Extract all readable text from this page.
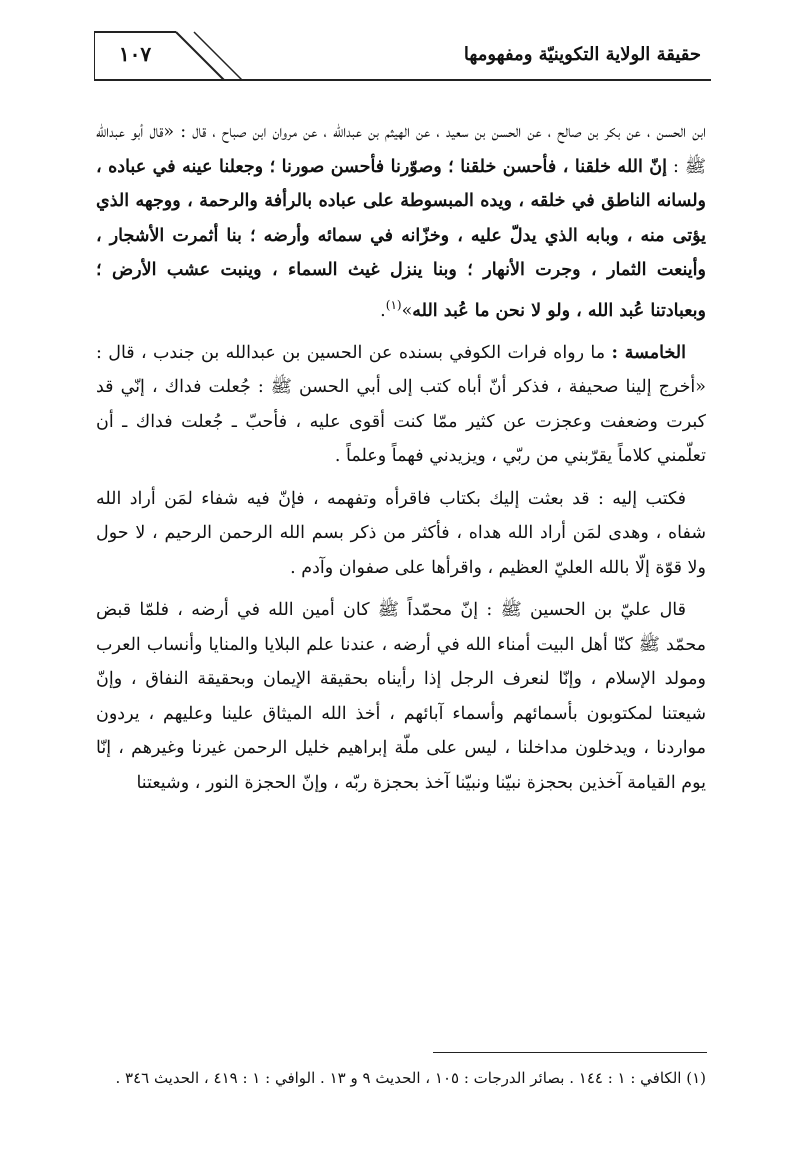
١٠٧	حقيقة الولاية التكوينيّة ومفهومها

ابن الحسن ، عن بكر بن صالح ، عن الحسن بن سعيد ، عن الهيثم بن عبدالله ، عن مروان ابن صباح ، قال : «قال أبو عبدالله ﷺ : إنّ الله خلقنا ، فأحسن خلقنا ؛ وصوّرنا فأحسن صورنا ؛ وجعلنا عينه في عباده ، ولسانه الناطق في خلقه ، ويده المبسوطة على عباده بالرأفة والرحمة ، ووجهه الذي يؤتى منه ، وبابه الذي يدلّ عليه ، وخزّانه في سمائه وأرضه ؛ بنا أثمرت الأشجار ، وأينعت الثمار ، وجرت الأنهار ؛ وبنا ينزل غيث السماء ، وينبت عشب الأرض ؛ وبعبادتنا عُبد الله ، ولو لا نحن ما عُبد الله»$^{(١)}$.

الخامسة : ما رواه فرات الكوفي بسنده عن الحسين بن عبدالله بن جندب ، قال : «أخرج إلينا صحيفة ، فذكر أنّ أباه كتب إلى أبي الحسن ﷺ : جُعلت فداك ، إنّي قد كبرت وضعفت وعجزت عن كثير ممّا كنت أقوى عليه ، فأحبّ ـ جُعلت فداك ـ أن تعلّمني كلاماً يقرّبني من ربّي ، ويزيدني فهماً وعلماً .

فكتب إليه : قد بعثت إليك بكتاب فاقرأه وتفهمه ، فإنّ فيه شفاء لمَن أراد الله شفاه ، وهدى لمَن أراد الله هداه ، فأكثر من ذكر بسم الله الرحمن الرحيم ، لا حول ولا قوّة إلّا بالله العليّ العظيم ، واقرأها على صفوان وآدم .

قال عليّ بن الحسين ﷺ : إنّ محمّداً ﷺ كان أمين الله في أرضه ، فلمّا قبض محمّد ﷺ كنّا أهل البيت أمناء الله في أرضه ، عندنا علم البلايا والمنايا وأنساب العرب ومولد الإسلام ، وإنّا لنعرف الرجل إذا رأيناه بحقيقة الإيمان وبحقيقة النفاق ، وإنّ شيعتنا لمكتوبون بأسمائهم وأسماء آبائهم ، أخذ الله الميثاق علينا وعليهم ، يردون مواردنا ، ويدخلون مداخلنا ، ليس على ملّة إبراهيم خليل الرحمن غيرنا وغيرهم ، إنّا يوم القيامة آخذين بحجزة نبيّنا ونبيّنا آخذ بحجزة ربّه ، وإنّ الحجزة النور ، وشيعتنا

(١) الكافي : ١ : ١٤٤ . بصائر الدرجات : ١٠٥ ، الحديث ٩ و ١٣ . الوافي : ١ : ٤١٩ ، الحديث ٣٤٦ .
